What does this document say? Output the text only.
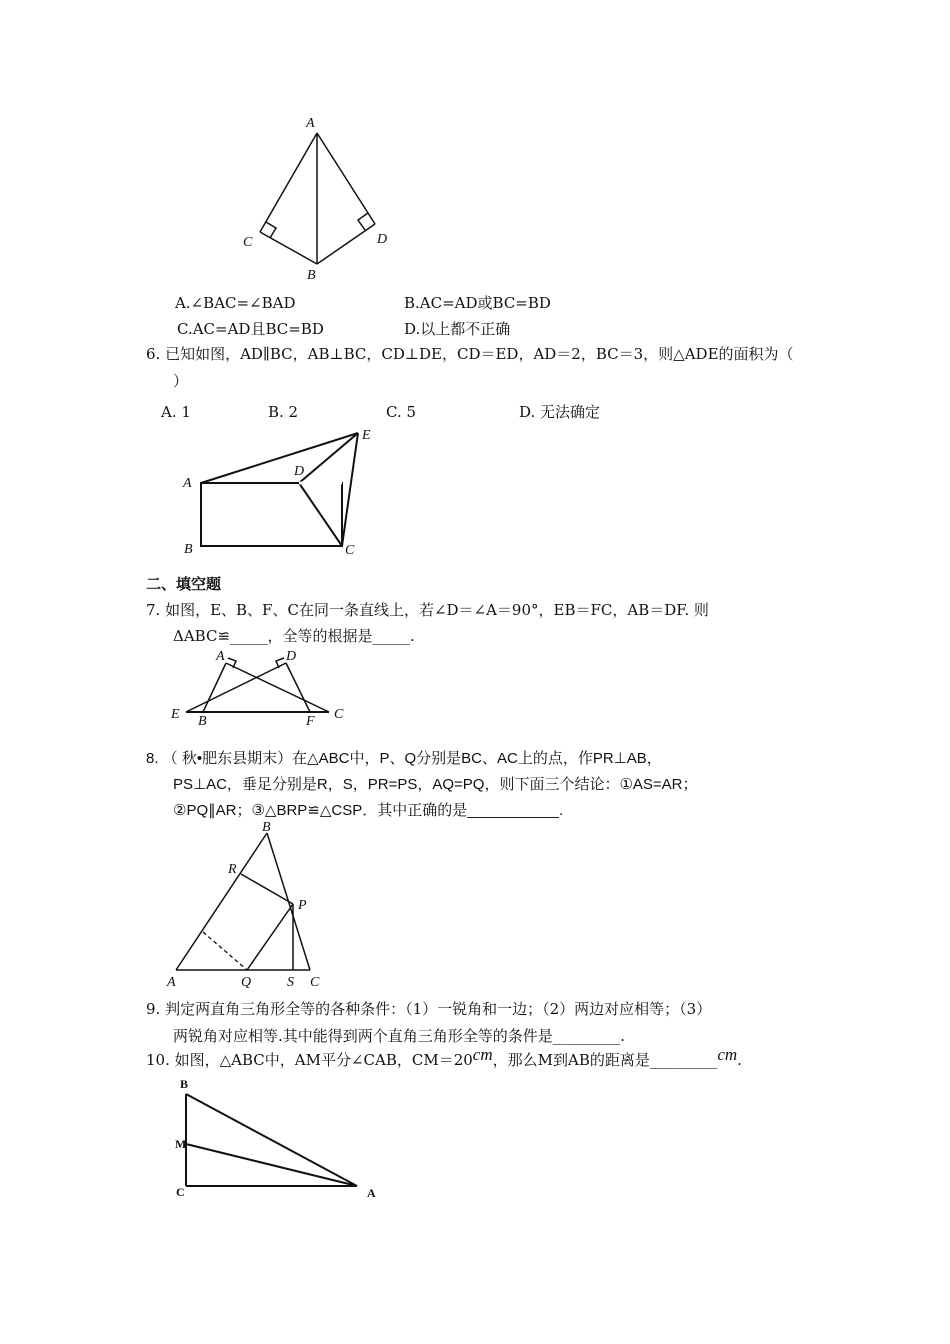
A
C	D
B
A
B	C
D
E
A	D
E B	F C
B
R
P
A	Q	S C
B
M
C	A
A.∠BAC=∠BAD	B.AC=AD或BC=BD
C.AC=AD且BC=BD	D.以上都不正确
6. 已知如图，AD∥BC，AB⊥BC，CD⊥DE，CD＝ED，AD＝2，BC＝3，则△ADE的面积为（
）
A. 1	B. 2	C. 5	D. 无法确定
二、填空题
7. 如图，E、B、F、C在同一条直线上，若∠D＝∠A＝90°，EB＝FC，AB＝DF. 则
ΔABC≌_____，全等的根据是_____.
8. （ 秋•肥东县期末）在△ABC中，P、Q分别是BC、AC上的点，作PR⊥AB，
PS⊥AC，垂足分别是R，S，PR=PS，AQ=PQ，则下面三个结论：①AS=AR；
②PQ∥AR；③△BRP≌△CSP．其中正确的是___________.
9. 判定两直角三角形全等的各种条件：（1）一锐角和一边；（2）两边对应相等；（3）
两锐角对应相等.其中能得到两个直角三角形全等的条件是_________.
10. 如图，△ABC中，AM平分∠CAB，CM＝20cm，那么M到AB的距离是_________cm.
